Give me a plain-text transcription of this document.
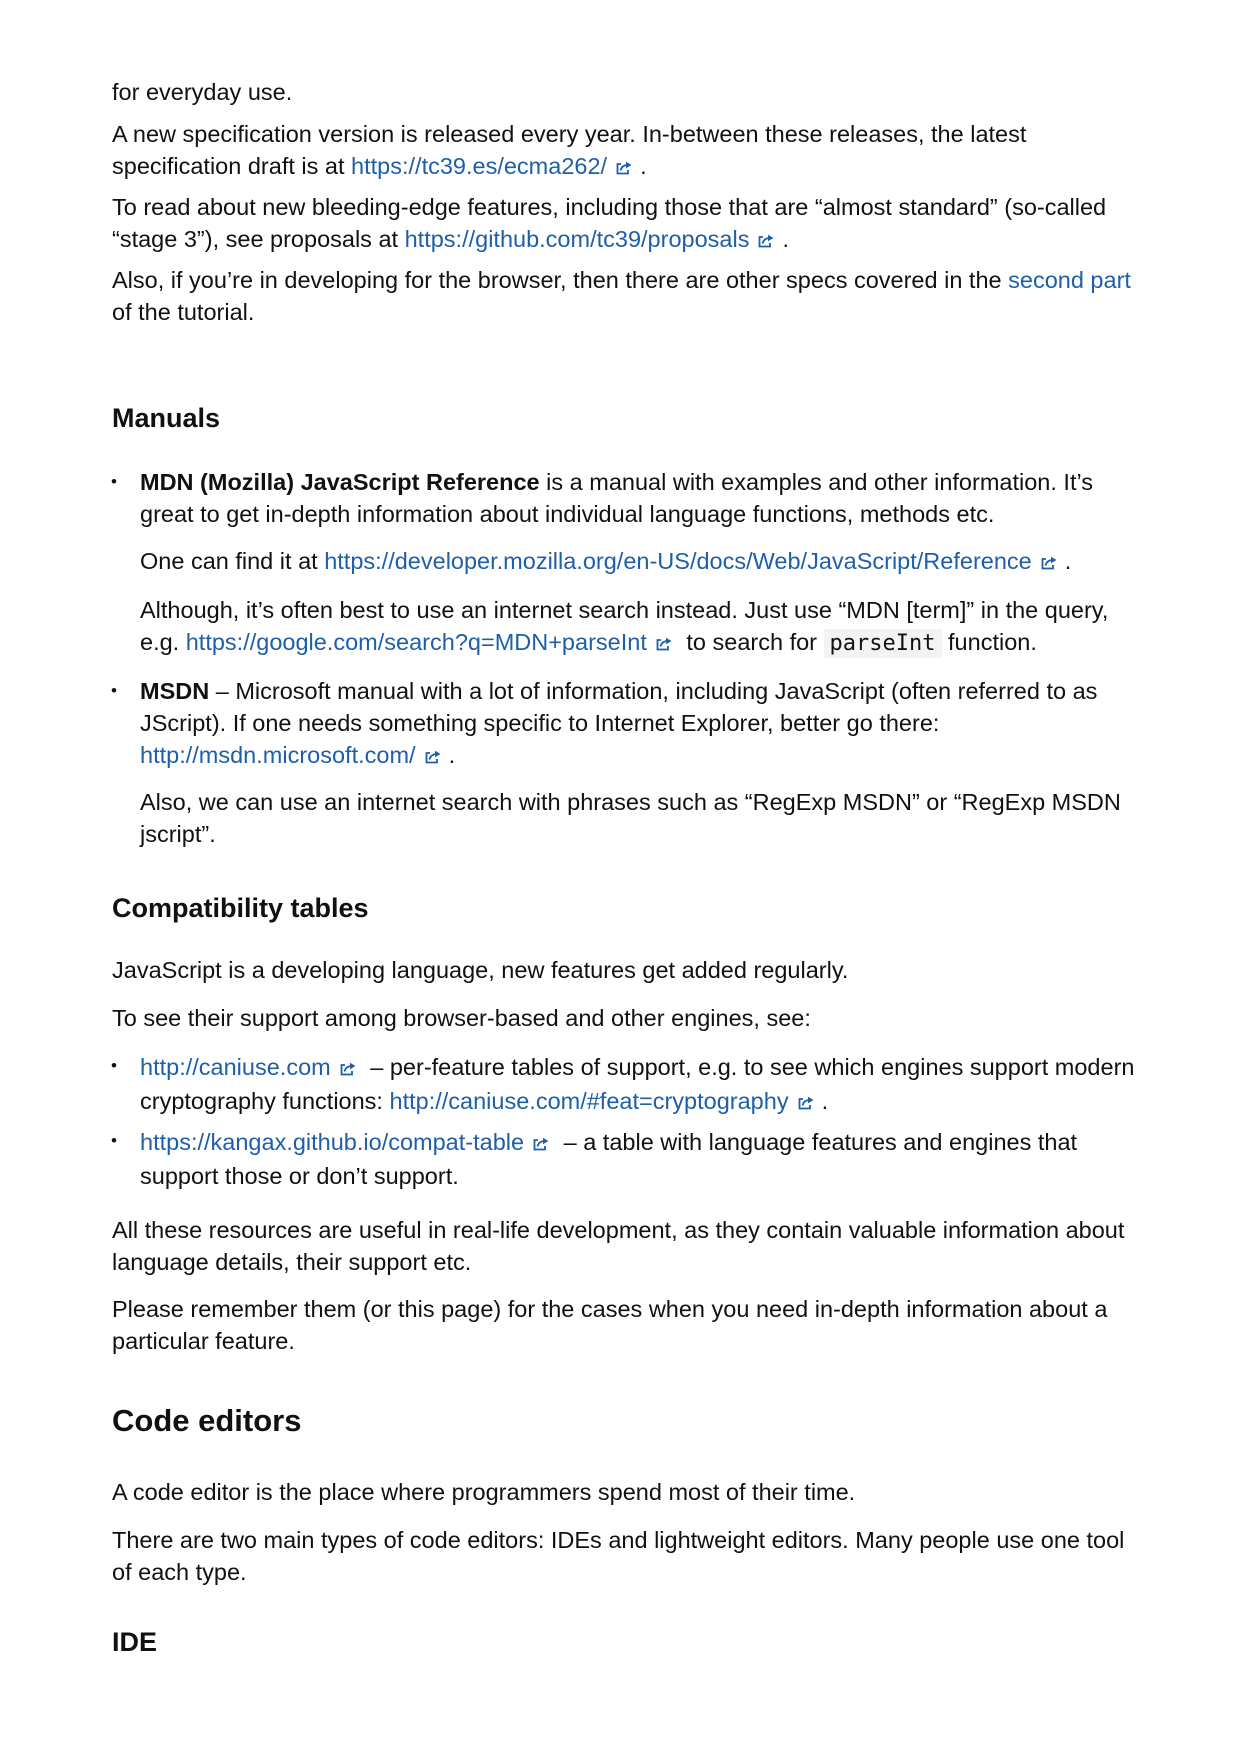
for everyday use.

A new specification version is released every year. In-between these releases, the latest specification draft is at https://tc39.es/ecma262/ .

To read about new bleeding-edge features, including those that are “almost standard” (so-called “stage 3”), see proposals at https://github.com/tc39/proposals .

Also, if you’re in developing for the browser, then there are other specs covered in the second part of the tutorial.

Manuals
• MDN (Mozilla) JavaScript Reference is a manual with examples and other information. It’s great to get in-depth information about individual language functions, methods etc.

One can find it at https://developer.mozilla.org/en-US/docs/Web/JavaScript/Reference .

Although, it’s often best to use an internet search instead. Just use “MDN [term]” in the query, e.g. https://google.com/search?q=MDN+parseInt to search for parseInt function.

• MSDN – Microsoft manual with a lot of information, including JavaScript (often referred to as JScript). If one needs something specific to Internet Explorer, better go there: http://msdn.microsoft.com/ .

Also, we can use an internet search with phrases such as “RegExp MSDN” or “RegExp MSDN jscript”.

Compatibility tables

JavaScript is a developing language, new features get added regularly.

To see their support among browser-based and other engines, see:

• http://caniuse.com – per-feature tables of support, e.g. to see which engines support modern cryptography functions: http://caniuse.com/#feat=cryptography .

• https://kangax.github.io/compat-table – a table with language features and engines that support those or don’t support.

All these resources are useful in real-life development, as they contain valuable information about language details, their support etc.

Please remember them (or this page) for the cases when you need in-depth information about a particular feature.

Code editors

A code editor is the place where programmers spend most of their time.

There are two main types of code editors: IDEs and lightweight editors. Many people use one tool of each type.

IDE
